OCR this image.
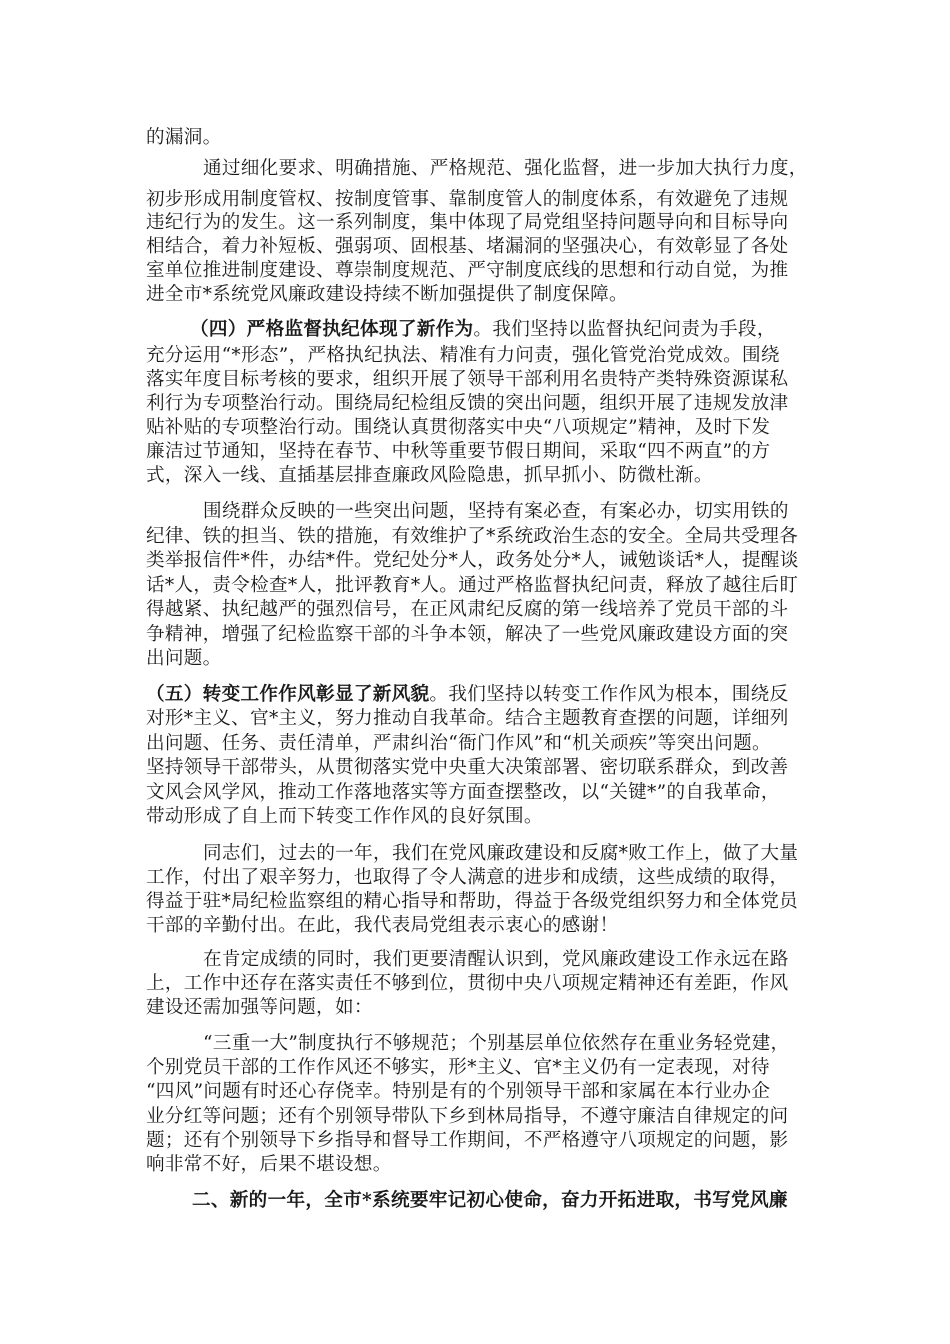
的漏洞。
通过细化要求、明确措施、严格规范、强化监督，进一步加大执行力度，
初步形成用制度管权、按制度管事、靠制度管人的制度体系，有效避免了违规
违纪行为的发生。这一系列制度，集中体现了局党组坚持问题导向和目标导向
相结合，着力补短板、强弱项、固根基、堵漏洞的坚强决心，有效彰显了各处
室单位推进制度建设、尊崇制度规范、严守制度底线的思想和行动自觉，为推
进全市*系统党风廉政建设持续不断加强提供了制度保障。
（四）严格监督执纪体现了新作为。我们坚持以监督执纪问责为手段，
充分运用“*形态”，严格执纪执法、精准有力问责，强化管党治党成效。围绕
落实年度目标考核的要求，组织开展了领导干部利用名贵特产类特殊资源谋私
利行为专项整治行动。围绕局纪检组反馈的突出问题，组织开展了违规发放津
贴补贴的专项整治行动。围绕认真贯彻落实中央“八项规定”精神，及时下发
廉洁过节通知，坚持在春节、中秋等重要节假日期间，采取“四不两直”的方
式，深入一线、直插基层排查廉政风险隐患，抓早抓小、防微杜渐。
围绕群众反映的一些突出问题，坚持有案必查，有案必办，切实用铁的
纪律、铁的担当、铁的措施，有效维护了*系统政治生态的安全。全局共受理各
类举报信件*件，办结*件。党纪处分*人，政务处分*人，诫勉谈话*人，提醒谈
话*人，责令检查*人，批评教育*人。通过严格监督执纪问责，释放了越往后盯
得越紧、执纪越严的强烈信号，在正风肃纪反腐的第一线培养了党员干部的斗
争精神，增强了纪检监察干部的斗争本领，解决了一些党风廉政建设方面的突
出问题。
（五）转变工作作风彰显了新风貌。我们坚持以转变工作作风为根本，围绕反
对形*主义、官*主义，努力推动自我革命。结合主题教育查摆的问题，详细列
出问题、任务、责任清单，严肃纠治“衙门作风”和“机关顽疾”等突出问题。
坚持领导干部带头，从贯彻落实党中央重大决策部署、密切联系群众，到改善
文风会风学风，推动工作落地落实等方面查摆整改，以“关键*”的自我革命，
带动形成了自上而下转变工作作风的良好氛围。
同志们，过去的一年，我们在党风廉政建设和反腐*败工作上，做了大量
工作，付出了艰辛努力，也取得了令人满意的进步和成绩，这些成绩的取得，
得益于驻*局纪检监察组的精心指导和帮助，得益于各级党组织努力和全体党员
干部的辛勤付出。在此，我代表局党组表示衷心的感谢！
在肯定成绩的同时，我们更要清醒认识到，党风廉政建设工作永远在路
上，工作中还存在落实责任不够到位，贯彻中央八项规定精神还有差距，作风
建设还需加强等问题，如：
“三重一大”制度执行不够规范；个别基层单位依然存在重业务轻党建，
个别党员干部的工作作风还不够实，形*主义、官*主义仍有一定表现，对待
“四风”问题有时还心存侥幸。特别是有的个别领导干部和家属在本行业办企
业分红等问题；还有个别领导带队下乡到林局指导，不遵守廉洁自律规定的问
题；还有个别领导下乡指导和督导工作期间，不严格遵守八项规定的问题，影
响非常不好，后果不堪设想。
二、新的一年，全市*系统要牢记初心使命，奋力开拓进取，书写党风廉
